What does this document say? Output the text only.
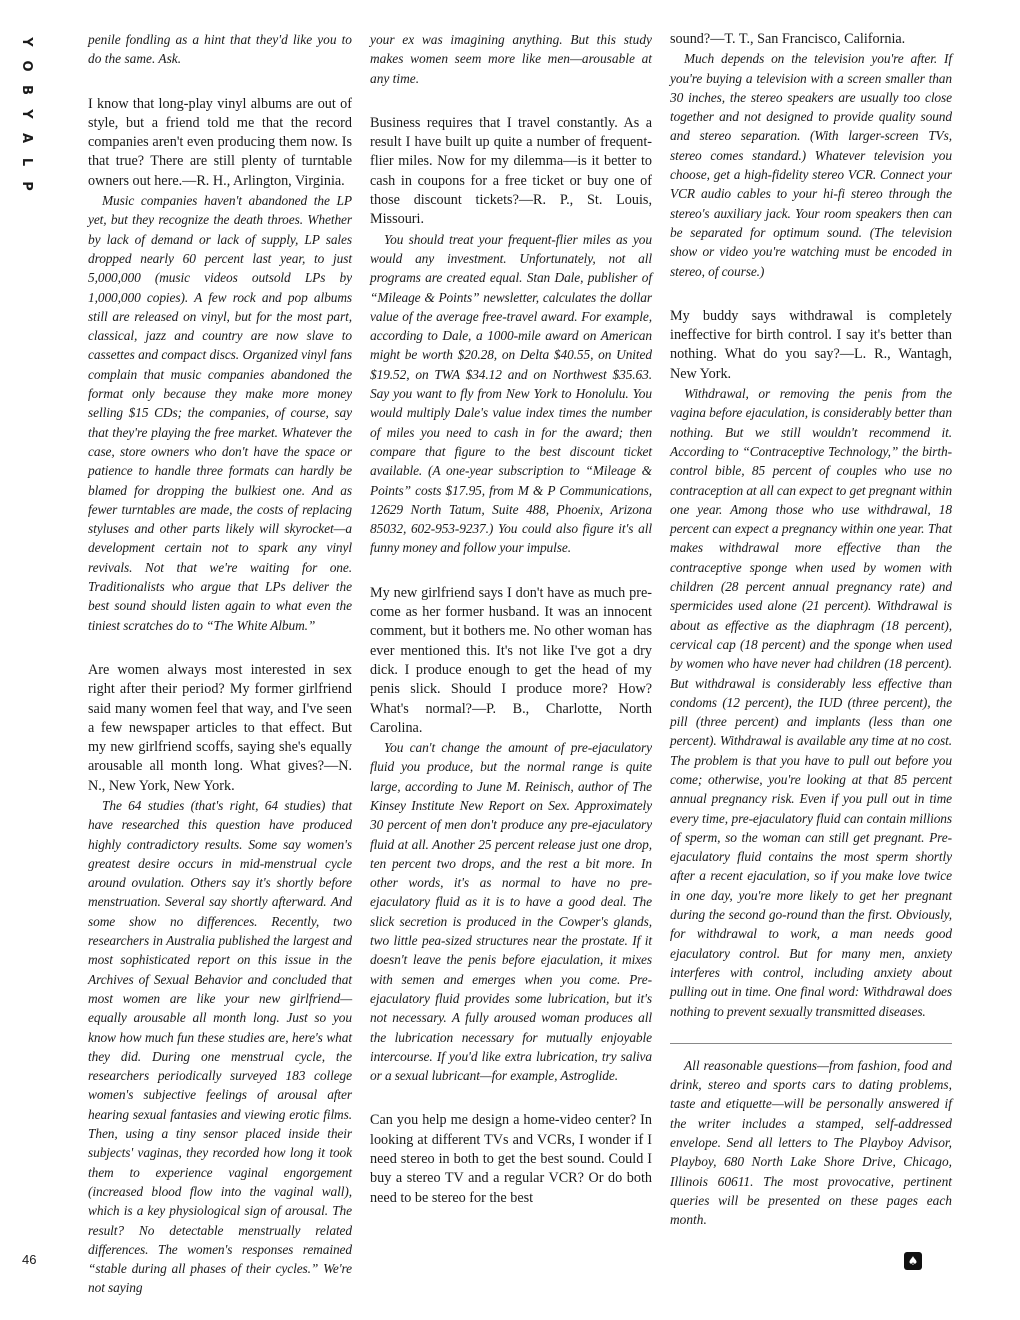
Y
O
B
Y
A
L
P

penile fondling as a hint that they'd like you to do the same. Ask.

I know that long-play vinyl albums are out of style, but a friend told me that the record companies aren't even producing them now. Is that true? There are still plenty of turntable owners out here.—R. H., Arlington, Virginia.

Music companies haven't abandoned the LP yet, but they recognize the death throes. Whether by lack of demand or lack of supply, LP sales dropped nearly 60 percent last year, to just 5,000,000 (music videos outsold LPs by 1,000,000 copies). A few rock and pop albums still are released on vinyl, but for the most part, classical, jazz and country are now slave to cassettes and compact discs. Organized vinyl fans complain that music companies abandoned the format only because they make more money selling $15 CDs; the companies, of course, say that they're playing the free market. Whatever the case, store owners who don't have the space or patience to handle three formats can hardly be blamed for dropping the bulkiest one. And as fewer turntables are made, the costs of replacing styluses and other parts likely will skyrocket—a development certain not to spark any vinyl revivals. Not that we're waiting for one. Traditionalists who argue that LPs deliver the best sound should listen again to what even the tiniest scratches do to “The White Album.”

Are women always most interested in sex right after their period? My former girlfriend said many women feel that way, and I've seen a few newspaper articles to that effect. But my new girlfriend scoffs, saying she's equally arousable all month long. What gives?—N. N., New York, New York.

The 64 studies (that's right, 64 studies) that have researched this question have produced highly contradictory results. Some say women's greatest desire occurs in mid-menstrual cycle around ovulation. Others say it's shortly before menstruation. Several say shortly afterward. And some show no differences. Recently, two researchers in Australia published the largest and most sophisticated report on this issue in the Archives of Sexual Behavior and concluded that most women are like your new girlfriend—equally arousable all month long. Just so you know how much fun these studies are, here's what they did. During one menstrual cycle, the researchers periodically surveyed 183 college women's subjective feelings of arousal after hearing sexual fantasies and viewing erotic films. Then, using a tiny sensor placed inside their subjects' vaginas, they recorded how long it took them to experience vaginal engorgement (increased blood flow into the vaginal wall), which is a key physiological sign of arousal. The result? No detectable menstrually related differences. The women's responses remained “stable during all phases of their cycles.” We're not saying

your ex was imagining anything. But this study makes women seem more like men—arousable at any time.

Business requires that I travel constantly. As a result I have built up quite a number of frequent-flier miles. Now for my dilemma—is it better to cash in coupons for a free ticket or buy one of those discount tickets?—R. P., St. Louis, Missouri.

You should treat your frequent-flier miles as you would any investment. Unfortunately, not all programs are created equal. Stan Dale, publisher of “Mileage & Points” newsletter, calculates the dollar value of the average free-travel award. For example, according to Dale, a 1000-mile award on American might be worth $20.28, on Delta $40.55, on United $19.52, on TWA $34.12 and on Northwest $35.63. Say you want to fly from New York to Honolulu. You would multiply Dale's value index times the number of miles you need to cash in for the award; then compare that figure to the best discount ticket available. (A one-year subscription to “Mileage & Points” costs $17.95, from M & P Communications, 12629 North Tatum, Suite 488, Phoenix, Arizona 85032, 602-953-9237.) You could also figure it's all funny money and follow your impulse.

My new girlfriend says I don't have as much pre-come as her former husband. It was an innocent comment, but it bothers me. No other woman has ever mentioned this. It's not like I've got a dry dick. I produce enough to get the head of my penis slick. Should I produce more? How? What's normal?—P. B., Charlotte, North Carolina.

You can't change the amount of pre-ejaculatory fluid you produce, but the normal range is quite large, according to June M. Reinisch, author of The Kinsey Institute New Report on Sex. Approximately 30 percent of men don't produce any pre-ejaculatory fluid at all. Another 25 percent release just one drop, ten percent two drops, and the rest a bit more. In other words, it's as normal to have no pre-ejaculatory fluid as it is to have a good deal. The slick secretion is produced in the Cowper's glands, two little pea-sized structures near the prostate. If it doesn't leave the penis before ejaculation, it mixes with semen and emerges when you come. Pre-ejaculatory fluid provides some lubrication, but it's not necessary. A fully aroused woman produces all the lubrication necessary for mutually enjoyable intercourse. If you'd like extra lubrication, try saliva or a sexual lubricant—for example, Astroglide.

Can you help me design a home-video center? In looking at different TVs and VCRs, I wonder if I need stereo in both to get the best sound. Could I buy a stereo TV and a regular VCR? Or do both need to be stereo for the best

sound?—T. T., San Francisco, California.

Much depends on the television you're after. If you're buying a television with a screen smaller than 30 inches, the stereo speakers are usually too close together and not designed to provide quality sound and stereo separation. (With larger-screen TVs, stereo comes standard.) Whatever television you choose, get a high-fidelity stereo VCR. Connect your VCR audio cables to your hi-fi stereo through the stereo's auxiliary jack. Your room speakers then can be separated for optimum sound. (The television show or video you're watching must be encoded in stereo, of course.)

My buddy says withdrawal is completely ineffective for birth control. I say it's better than nothing. What do you say?—L. R., Wantagh, New York.

Withdrawal, or removing the penis from the vagina before ejaculation, is considerably better than nothing. But we still wouldn't recommend it. According to “Contraceptive Technology,” the birth-control bible, 85 percent of couples who use no contraception at all can expect to get pregnant within one year. Among those who use withdrawal, 18 percent can expect a pregnancy within one year. That makes withdrawal more effective than the contraceptive sponge when used by women with children (28 percent annual pregnancy rate) and spermicides used alone (21 percent). Withdrawal is about as effective as the diaphragm (18 percent), cervical cap (18 percent) and the sponge when used by women who have never had children (18 percent). But withdrawal is considerably less effective than condoms (12 percent), the IUD (three percent), the pill (three percent) and implants (less than one percent). Withdrawal is available any time at no cost. The problem is that you have to pull out before you come; otherwise, you're looking at that 85 percent annual pregnancy risk. Even if you pull out in time every time, pre-ejaculatory fluid can contain millions of sperm, so the woman can still get pregnant. Pre-ejaculatory fluid contains the most sperm shortly after a recent ejaculation, so if you make love twice in one day, you're more likely to get her pregnant during the second go-round than the first. Obviously, for withdrawal to work, a man needs good ejaculatory control. But for many men, anxiety interferes with control, including anxiety about pulling out in time. One final word: Withdrawal does nothing to prevent sexually transmitted diseases.

All reasonable questions—from fashion, food and drink, stereo and sports cars to dating problems, taste and etiquette—will be personally answered if the writer includes a stamped, self-addressed envelope. Send all letters to The Playboy Advisor, Playboy, 680 North Lake Shore Drive, Chicago, Illinois 60611. The most provocative, pertinent queries will be presented on these pages each month.

46	♠
